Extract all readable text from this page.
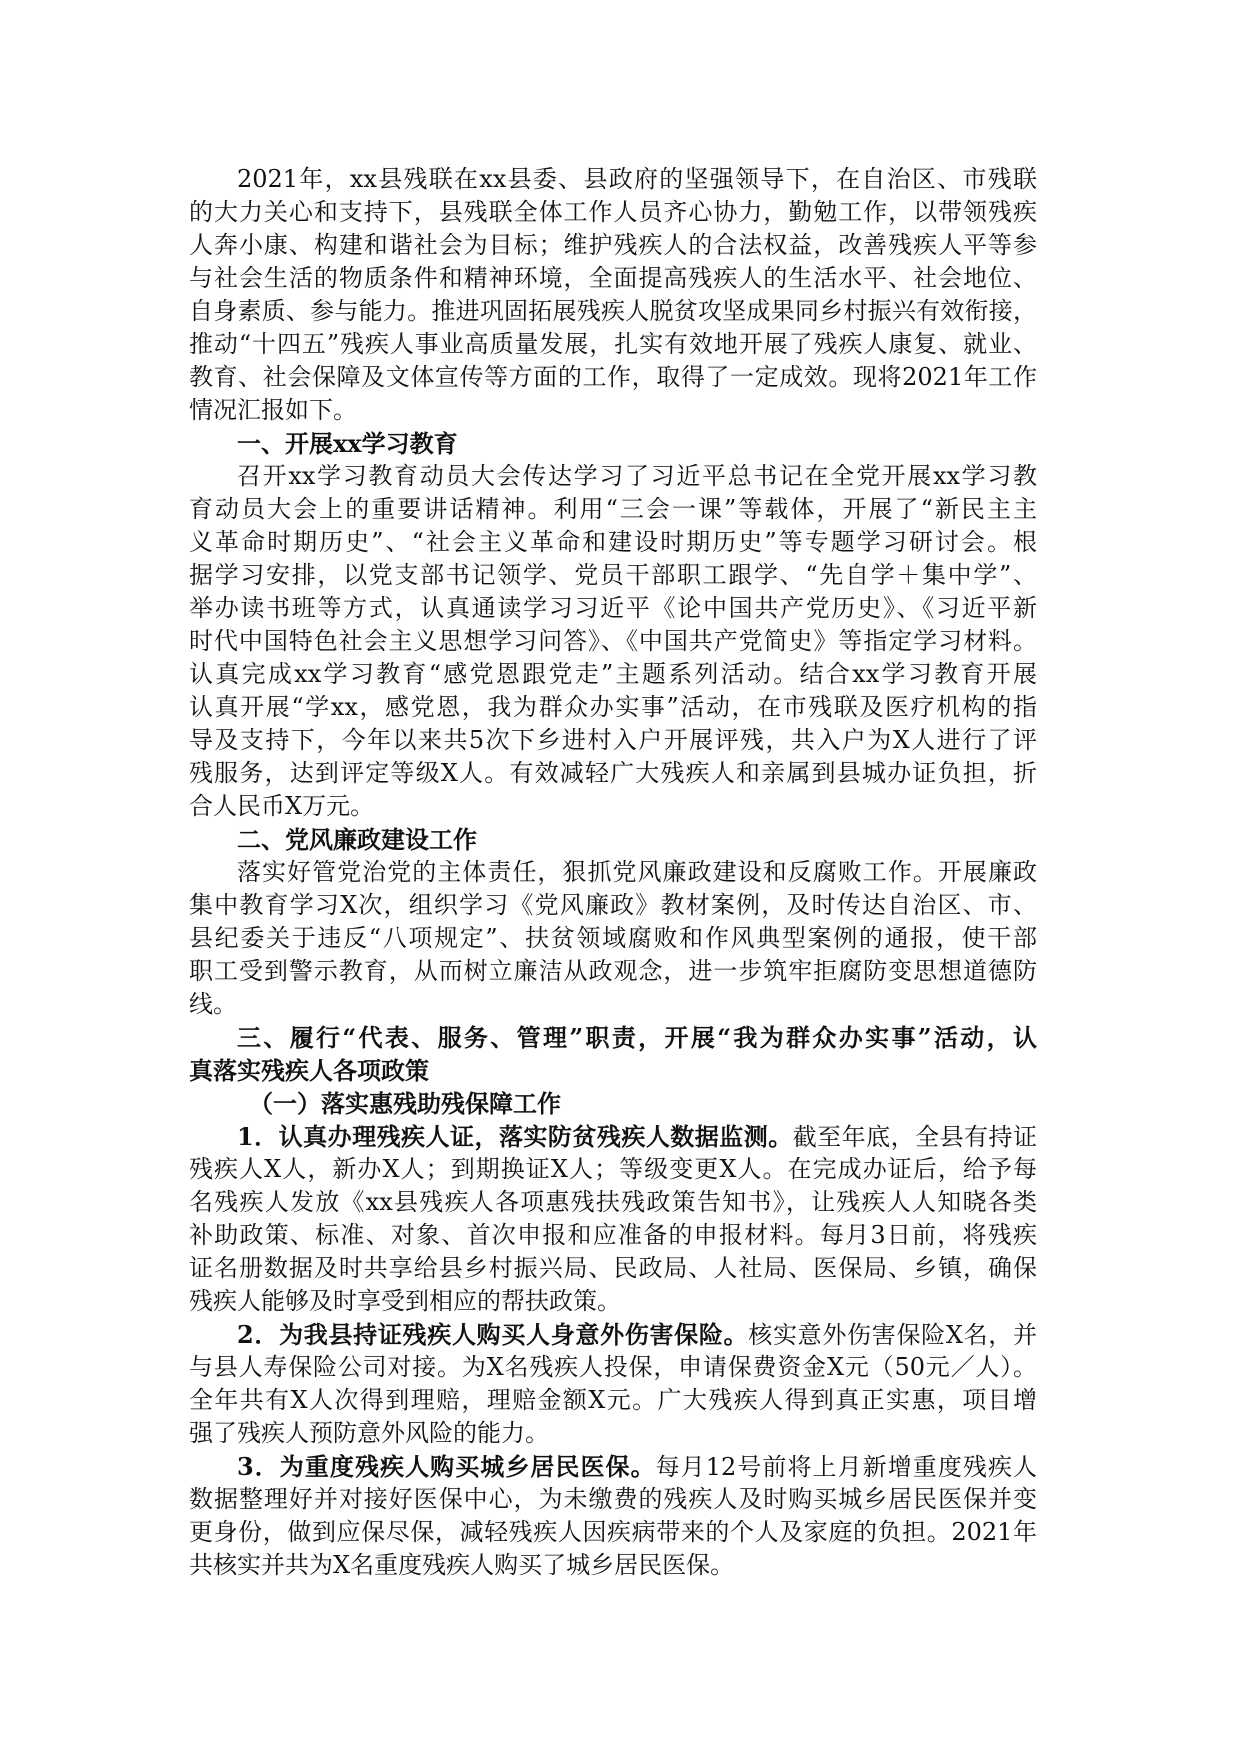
2021年，xx县残联在xx县委、县政府的坚强领导下，在自治区、市残联
的大力关心和支持下，县残联全体工作人员齐心协力，勤勉工作，以带领残疾
人奔小康、构建和谐社会为目标；维护残疾人的合法权益，改善残疾人平等参
与社会生活的物质条件和精神环境，全面提高残疾人的生活水平、社会地位、
自身素质、参与能力。推进巩固拓展残疾人脱贫攻坚成果同乡村振兴有效衔接，
推动“十四五”残疾人事业高质量发展，扎实有效地开展了残疾人康复、就业、
教育、社会保障及文体宣传等方面的工作，取得了一定成效。现将2021年工作
情况汇报如下。
一、开展xx学习教育
召开xx学习教育动员大会传达学习了习近平总书记在全党开展xx学习教
育动员大会上的重要讲话精神。利用“三会一课”等载体，开展了“新民主主
义革命时期历史”、“社会主义革命和建设时期历史”等专题学习研讨会。根
据学习安排，以党支部书记领学、党员干部职工跟学、“先自学＋集中学”、
举办读书班等方式，认真通读学习习近平《论中国共产党历史》、《习近平新
时代中国特色社会主义思想学习问答》、《中国共产党简史》等指定学习材料。
认真完成xx学习教育“感党恩跟党走”主题系列活动。结合xx学习教育开展
认真开展“学xx，感党恩，我为群众办实事”活动，在市残联及医疗机构的指
导及支持下，今年以来共5次下乡进村入户开展评残，共入户为X人进行了评
残服务，达到评定等级X人。有效减轻广大残疾人和亲属到县城办证负担，折
合人民币X万元。
二、党风廉政建设工作
落实好管党治党的主体责任，狠抓党风廉政建设和反腐败工作。开展廉政
集中教育学习X次，组织学习《党风廉政》教材案例，及时传达自治区、市、
县纪委关于违反“八项规定”、扶贫领域腐败和作风典型案例的通报，使干部
职工受到警示教育，从而树立廉洁从政观念，进一步筑牢拒腐防变思想道德防
线。
三、履行“代表、服务、管理”职责，开展“我为群众办实事”活动，认
真落实残疾人各项政策
（一）落实惠残助残保障工作
1．认真办理残疾人证，落实防贫残疾人数据监测。截至年底，全县有持证
残疾人X人，新办X人；到期换证X人；等级变更X人。在完成办证后，给予每
名残疾人发放《xx县残疾人各项惠残扶残政策告知书》，让残疾人人知晓各类
补助政策、标准、对象、首次申报和应准备的申报材料。每月3日前，将残疾
证名册数据及时共享给县乡村振兴局、民政局、人社局、医保局、乡镇，确保
残疾人能够及时享受到相应的帮扶政策。
2．为我县持证残疾人购买人身意外伤害保险。核实意外伤害保险X名，并
与县人寿保险公司对接。为X名残疾人投保，申请保费资金X元（50元／人）。
全年共有X人次得到理赔，理赔金额X元。广大残疾人得到真正实惠，项目增
强了残疾人预防意外风险的能力。
3．为重度残疾人购买城乡居民医保。每月12号前将上月新增重度残疾人
数据整理好并对接好医保中心，为未缴费的残疾人及时购买城乡居民医保并变
更身份，做到应保尽保，减轻残疾人因疾病带来的个人及家庭的负担。2021年
共核实并共为X名重度残疾人购买了城乡居民医保。
